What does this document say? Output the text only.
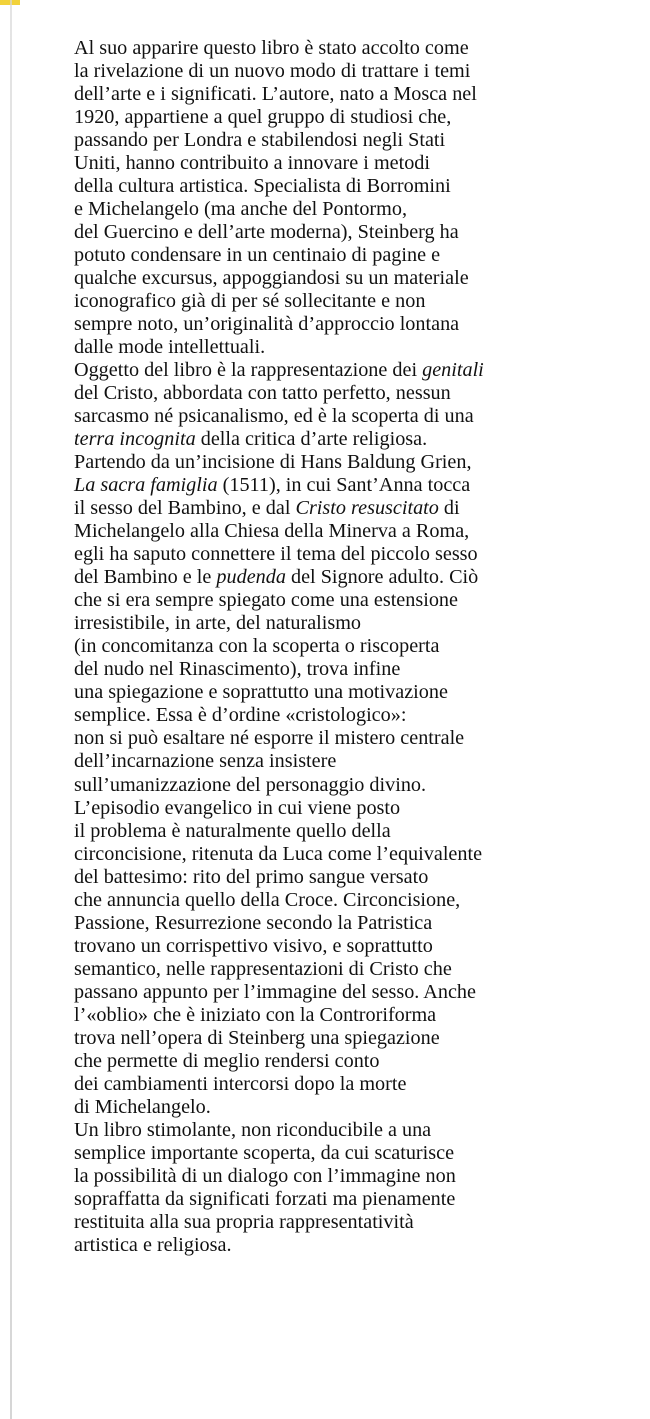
Al suo apparire questo libro è stato accolto come
la rivelazione di un nuovo modo di trattare i temi
dell’arte e i significati. L’autore, nato a Mosca nel
1920, appartiene a quel gruppo di studiosi che,
passando per Londra e stabilendosi negli Stati
Uniti, hanno contribuito a innovare i metodi
della cultura artistica. Specialista di Borromini
e Michelangelo (ma anche del Pontormo,
del Guercino e dell’arte moderna), Steinberg ha
potuto condensare in un centinaio di pagine e
qualche excursus, appoggiandosi su un materiale
iconografico già di per sé sollecitante e non
sempre noto, un’originalità d’approccio lontana
dalle mode intellettuali.
Oggetto del libro è la rappresentazione dei genitali
del Cristo, abbordata con tatto perfetto, nessun
sarcasmo né psicanalismo, ed è la scoperta di una
terra incognita della critica d’arte religiosa.
Partendo da un’incisione di Hans Baldung Grien,
La sacra famiglia (1511), in cui Sant’Anna tocca
il sesso del Bambino, e dal Cristo resuscitato di
Michelangelo alla Chiesa della Minerva a Roma,
egli ha saputo connettere il tema del piccolo sesso
del Bambino e le pudenda del Signore adulto. Ciò
che si era sempre spiegato come una estensione
irresistibile, in arte, del naturalismo
(in concomitanza con la scoperta o riscoperta
del nudo nel Rinascimento), trova infine
una spiegazione e soprattutto una motivazione
semplice. Essa è d’ordine «cristologico»:
non si può esaltare né esporre il mistero centrale
dell’incarnazione senza insistere
sull’umanizzazione del personaggio divino.
L’episodio evangelico in cui viene posto
il problema è naturalmente quello della
circoncisione, ritenuta da Luca come l’equivalente
del battesimo: rito del primo sangue versato
che annuncia quello della Croce. Circoncisione,
Passione, Resurrezione secondo la Patristica
trovano un corrispettivo visivo, e soprattutto
semantico, nelle rappresentazioni di Cristo che
passano appunto per l’immagine del sesso. Anche
l’«oblio» che è iniziato con la Controriforma
trova nell’opera di Steinberg una spiegazione
che permette di meglio rendersi conto
dei cambiamenti intercorsi dopo la morte
di Michelangelo.
Un libro stimolante, non riconducibile a una
semplice importante scoperta, da cui scaturisce
la possibilità di un dialogo con l’immagine non
sopraffatta da significati forzati ma pienamente
restituita alla sua propria rappresentatività
artistica e religiosa.
